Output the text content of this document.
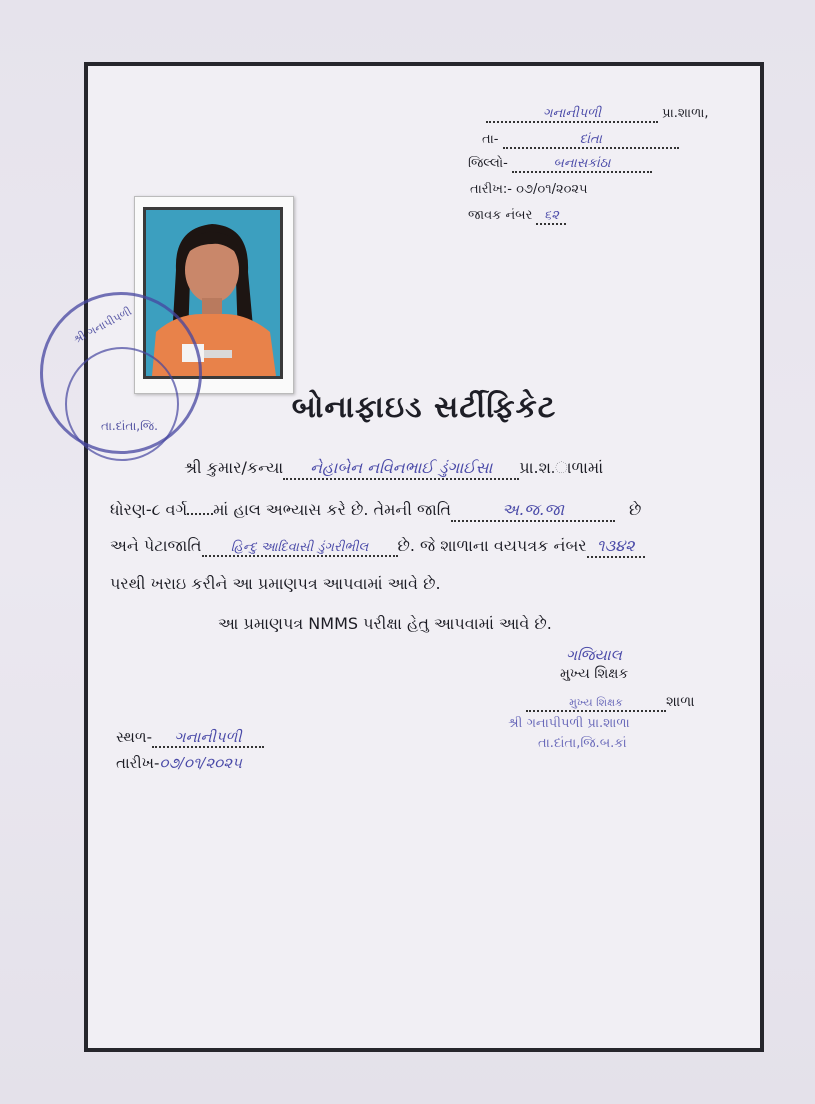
ગનાનીપળી	પ્રા.શાળા,
તા-	દાંતા
જિલ્લો-	બનાસકાંઠા
તારીખ:- ૦૭/૦૧/૨૦૨૫
જાવક નંબર ૬૨
શ્રી ગનાપીપળી
તા.દાંતા,જિ.
બોનાફાઇડ સર્ટીફિકેટ
શ્રી કુમાર/કન્યા નેહાબેન નવિનભાઈ ડુંગાઈસા પ્રા.શ.ાળામાં
ધોરણ-૮ વર્ગ માં હાલ અભ્યાસ કરે છે. તેમની જાતિ	અ.જ.જા	છે
અને પેટાજાતિ હિન્દુ આદિવાસી ડુંગરીભીલ છે. જે શાળાના વયપત્રક નંબર ૧૩૪૨
પરથી ખરાઇ કરીને આ પ્રમાણપત્ર આપવામાં આવે છે.
આ પ્રમાણપત્ર NMMS પરીક્ષા હેતુ આપવામાં આવે છે.
ગજિયાલ
મુખ્ય શિક્ષક
મુખ્ય શિક્ષક	શાળા
શ્રી ગનાપીપળી પ્રા.શાળા
તા.દાંતા,જિ.બ.કાં
સ્થળ- ગનાનીપળી
તારીખ-૦૭/૦૧/૨૦૨૫
